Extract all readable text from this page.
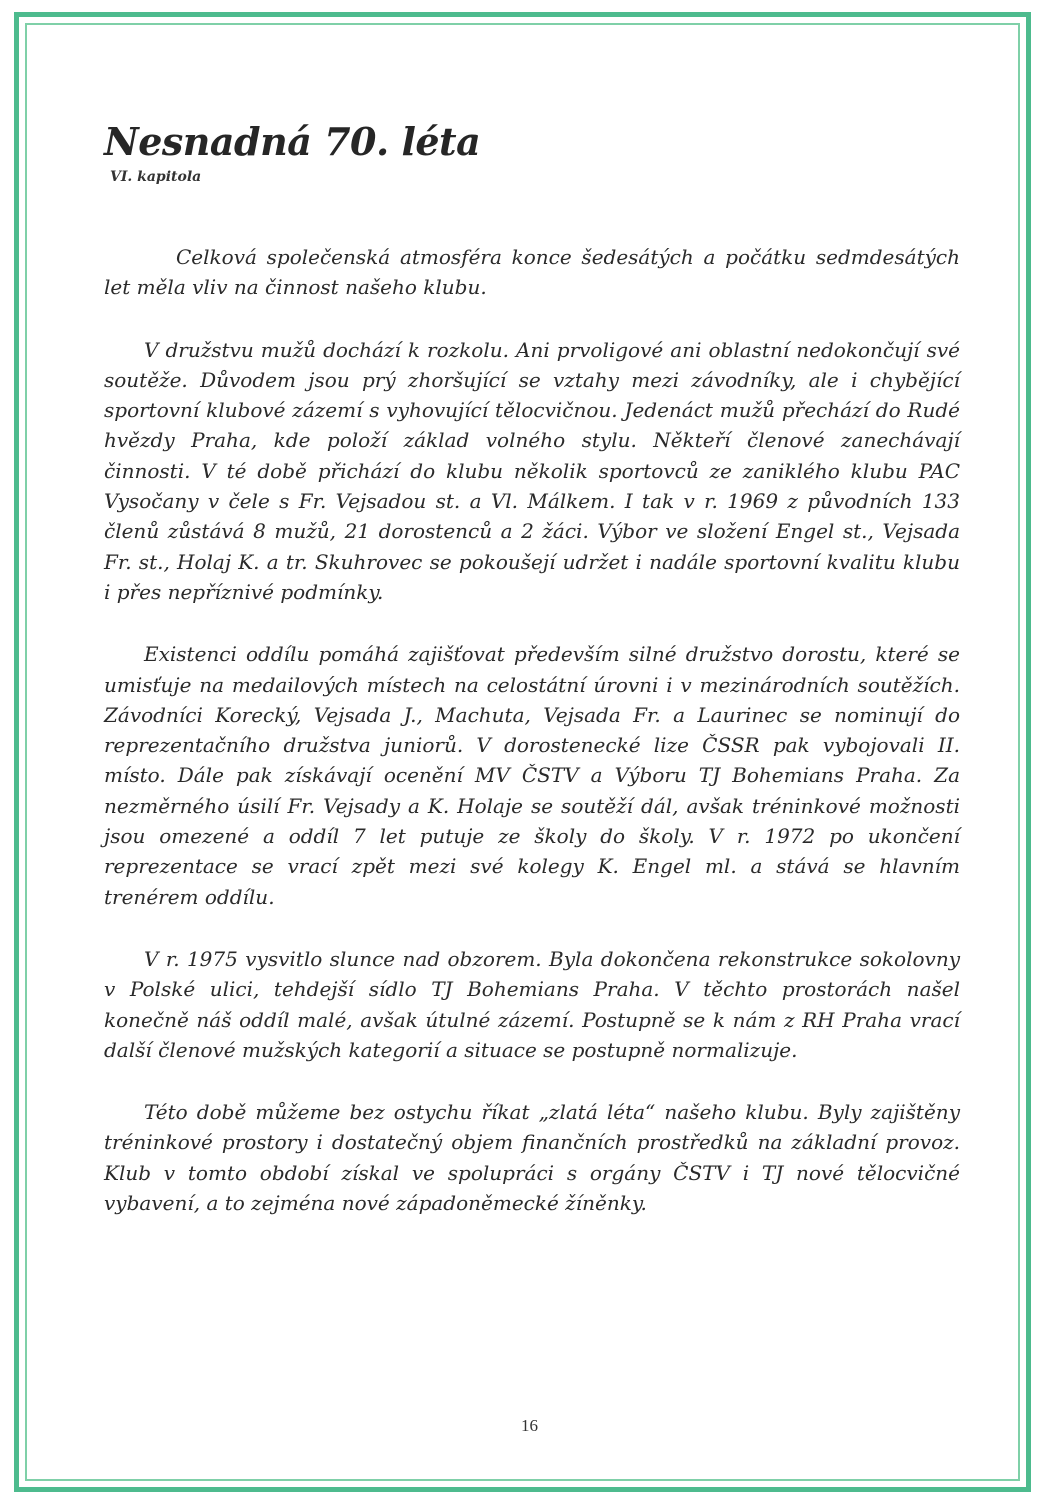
Nesnadná 70. léta
VI. kapitola

Celková společenská atmosféra konce šedesátých a počátku sedmdesátých let měla vliv na činnost našeho klubu.

V družstvu mužů dochází k rozkolu. Ani prvoligové ani oblastní nedokončují své soutěže. Důvodem jsou prý zhoršující se vztahy mezi závodníky, ale i chybějící sportovní klubové zázemí s vyhovující tělocvičnou. Jedenáct mužů přechází do Rudé hvězdy Praha, kde položí základ volného stylu. Někteří členové zanechávají činnosti. V té době přichází do klubu několik sportovců ze zaniklého klubu PAC Vysočany v čele s Fr. Vejsadou st. a Vl. Málkem. I tak v r. 1969 z původních 133 členů zůstává 8 mužů, 21 dorostenců a 2 žáci. Výbor ve složení Engel st., Vejsada Fr. st., Holaj K. a tr. Skuhrovec se pokoušejí udržet i nadále sportovní kvalitu klubu i přes nepříznivé podmínky.

Existenci oddílu pomáhá zajišťovat především silné družstvo dorostu, které se umisťuje na medailových místech na celostátní úrovni i v mezinárodních soutěžích. Závodníci Korecký, Vejsada J., Machuta, Vejsada Fr. a Laurinec se nominují do reprezentačního družstva juniorů. V dorostenecké lize ČSSR pak vybojovali II. místo. Dále pak získávají ocenění MV ČSTV a Výboru TJ Bohemians Praha. Za nezměrného úsilí Fr. Vejsady a K. Holaje se soutěží dál, avšak tréninkové možnosti jsou omezené a oddíl 7 let putuje ze školy do školy. V r. 1972 po ukončení reprezentace se vrací zpět mezi své kolegy K. Engel ml. a stává se hlavním trenérem oddílu.

V r. 1975 vysvitlo slunce nad obzorem. Byla dokončena rekonstrukce sokolovny v Polské ulici, tehdejší sídlo TJ Bohemians Praha. V těchto prostorách našel konečně náš oddíl malé, avšak útulné zázemí. Postupně se k nám z RH Praha vrací další členové mužských kategorií a situace se postupně normalizuje.

Této době můžeme bez ostychu říkat „zlatá léta“ našeho klubu. Byly zajištěny tréninkové prostory i dostatečný objem finančních prostředků na základní provoz. Klub v tomto období získal ve spolupráci s orgány ČSTV i TJ nové tělocvičné vybavení, a to zejména nové západoněmecké žíněnky.

16
